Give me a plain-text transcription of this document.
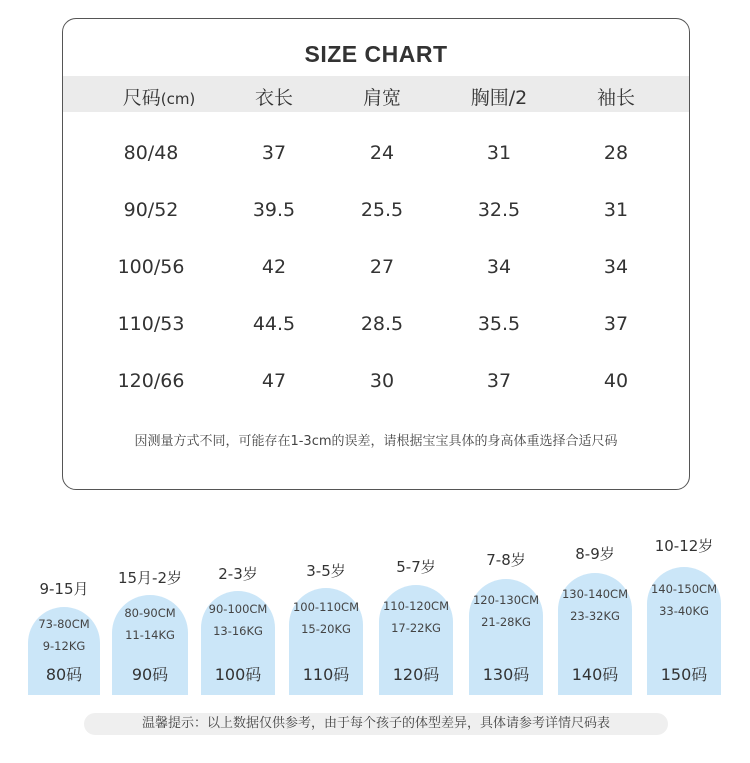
SIZE CHART
尺码(cm)	衣长	肩宽	胸围/2	袖长
80/48	37	24	31	28
90/52	39.5	25.5	32.5	31
100/56	42	27	34	34
110/53	44.5	28.5	35.5	37
120/66	47	30	37	40
因测量方式不同，可能存在1-3cm的误差，请根据宝宝具体的身高体重选择合适尺码
9-15月
73-80CM
9-12KG
80码
15月-2岁
80-90CM
11-14KG
90码
2-3岁
90-100CM
13-16KG
100码
3-5岁
100-110CM
15-20KG
110码
5-7岁
110-120CM
17-22KG
120码
7-8岁
120-130CM
21-28KG
130码
8-9岁
130-140CM
23-32KG
140码
10-12岁
140-150CM
33-40KG
150码
温馨提示：以上数据仅供参考，由于每个孩子的体型差异，具体请参考详情尺码表
